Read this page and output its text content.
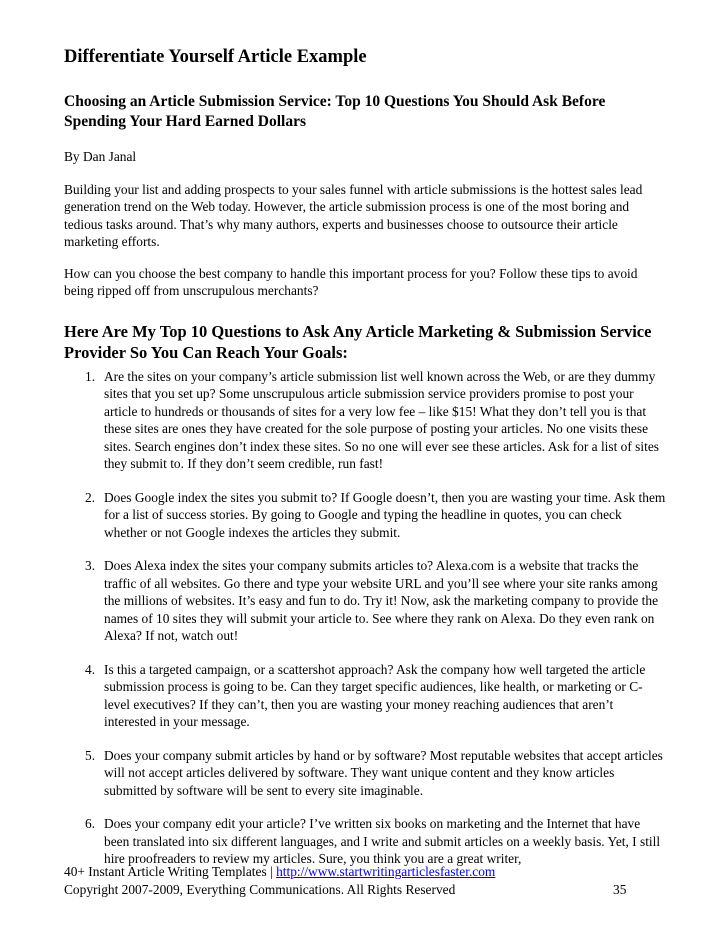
Differentiate Yourself Article Example
Choosing an Article Submission Service: Top 10 Questions You Should Ask Before Spending Your Hard Earned Dollars

By Dan Janal

Building your list and adding prospects to your sales funnel with article submissions is the hottest sales lead generation trend on the Web today. However, the article submission process is one of the most boring and tedious tasks around. That’s why many authors, experts and businesses choose to outsource their article marketing efforts.

How can you choose the best company to handle this important process for you? Follow these tips to avoid being ripped off from unscrupulous merchants?

Here Are My Top 10 Questions to Ask Any Article Marketing & Submission Service Provider So You Can Reach Your Goals:
1. Are the sites on your company’s article submission list well known across the Web, or are they dummy sites that you set up? Some unscrupulous article submission service providers promise to post your article to hundreds or thousands of sites for a very low fee – like $15! What they don’t tell you is that these sites are ones they have created for the sole purpose of posting your articles. No one visits these sites. Search engines don’t index these sites. So no one will ever see these articles. Ask for a list of sites they submit to. If they don’t seem credible, run fast!
2. Does Google index the sites you submit to? If Google doesn’t, then you are wasting your time. Ask them for a list of success stories. By going to Google and typing the headline in quotes, you can check whether or not Google indexes the articles they submit.
3. Does Alexa index the sites your company submits articles to? Alexa.com is a website that tracks the traffic of all websites. Go there and type your website URL and you’ll see where your site ranks among the millions of websites. It’s easy and fun to do. Try it! Now, ask the marketing company to provide the names of 10 sites they will submit your article to. See where they rank on Alexa. Do they even rank on Alexa? If not, watch out!
4. Is this a targeted campaign, or a scattershot approach? Ask the company how well targeted the article submission process is going to be. Can they target specific audiences, like health, or marketing or C-level executives? If they can’t, then you are wasting your money reaching audiences that aren’t interested in your message.
5. Does your company submit articles by hand or by software? Most reputable websites that accept articles will not accept articles delivered by software. They want unique content and they know articles submitted by software will be sent to every site imaginable.
6. Does your company edit your article? I’ve written six books on marketing and the Internet that have been translated into six different languages, and I write and submit articles on a weekly basis. Yet, I still hire proofreaders to review my articles. Sure, you think you are a great writer,
40+ Instant Article Writing Templates | http://www.startwritingarticlesfaster.com
Copyright 2007-2009, Everything Communications. All Rights Reserved	35
